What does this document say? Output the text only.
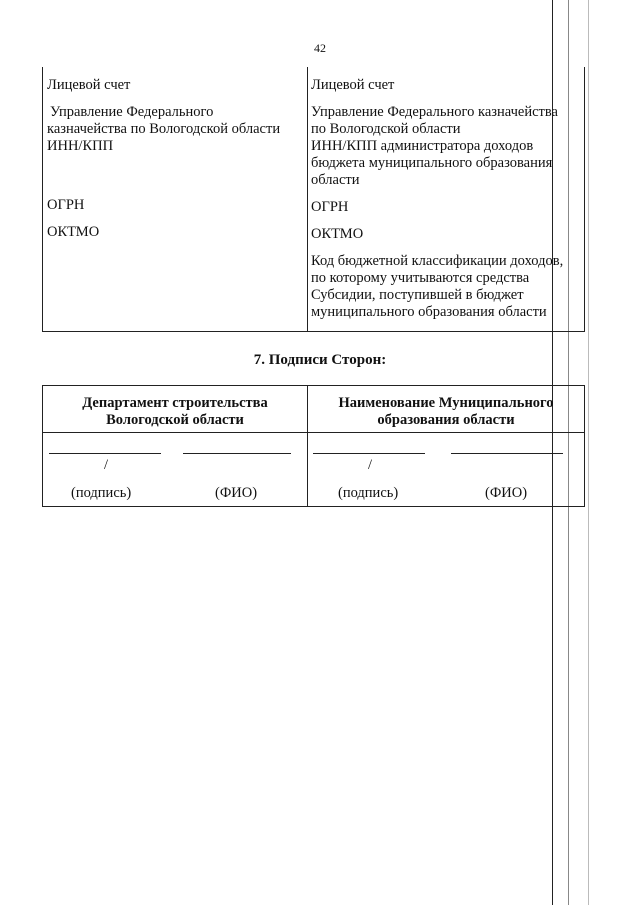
42
Лицевой счет
Управление Федерального
казначейства по Вологодской области
ИНН/КПП
ОГРН
ОКТМО
Лицевой счет
Управление Федерального казначейства
по Вологодской области
ИНН/КПП администратора доходов
бюджета муниципального образования
области
ОГРН
ОКТМО
Код бюджетной классификации доходов,
по которому учитываются средства
Субсидии, поступившей в бюджет
муниципального образования области
7. Подписи Сторон:
Департамент строительства
Вологодской области
Наименование Муниципального
образования области
/
(подпись)	(ФИО)
/
(подпись)	(ФИО)
